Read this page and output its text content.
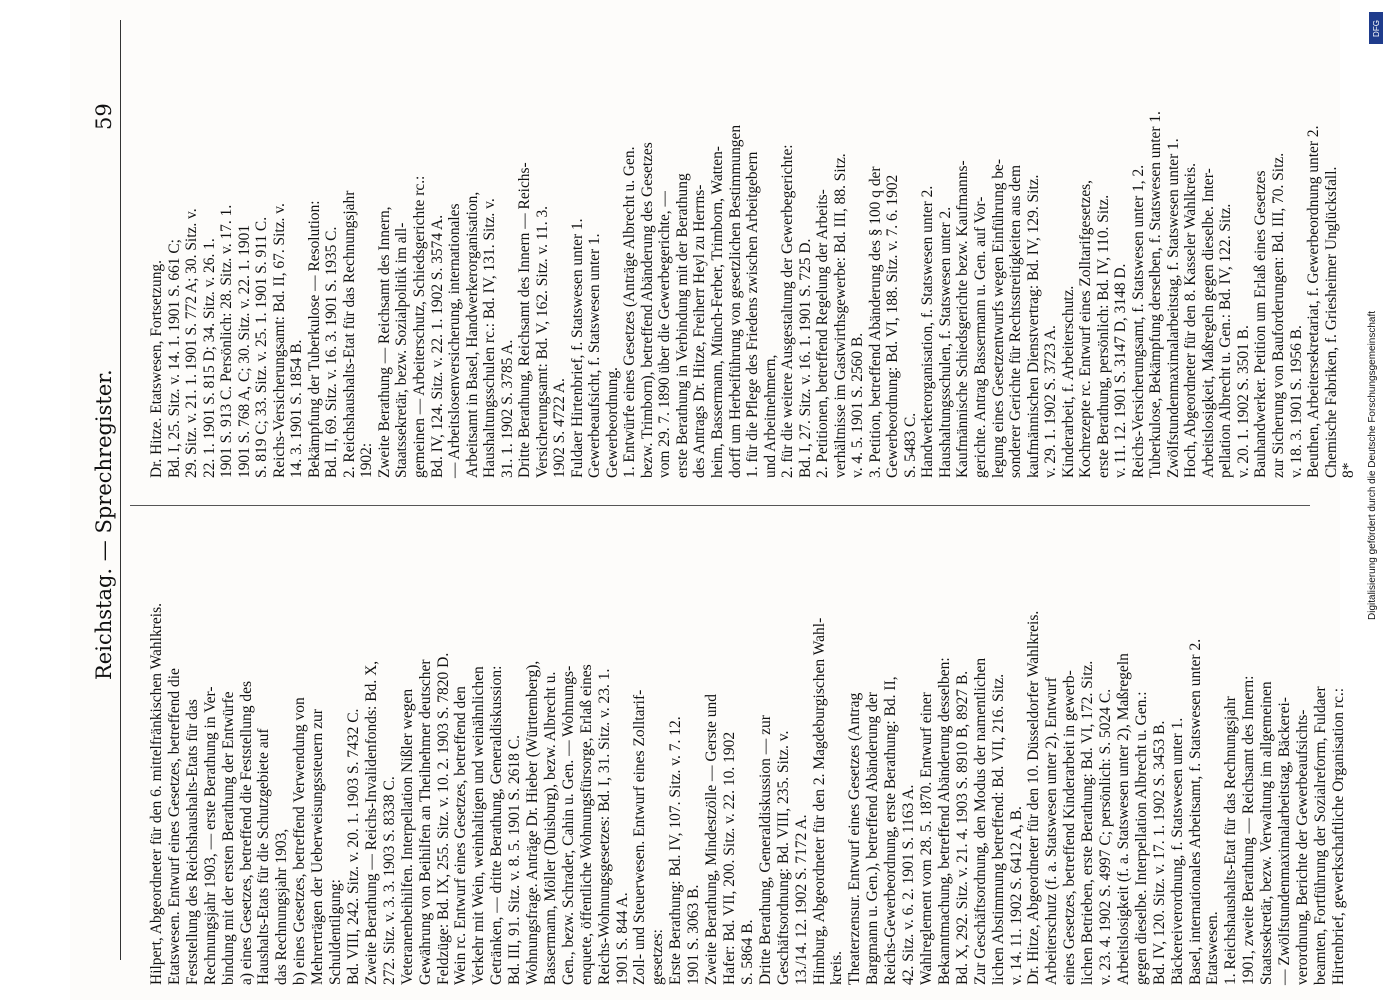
Reichstag. — Sprechregister.
59

Hilpert, Abgeordneter für den 6. mittelfränkischen Wahlkreis. Etatswesen. Entwurf eines Gesetzes, betreffend die Feststellung des Reichshaushalts-Etats für das Rechnungsjahr 1903, — erste Berathung in Ver- bindung mit der ersten Berathung der Entwürfe a) eines Gesetzes, betreffend die Feststellung des Haushalts-Etats für die Schutzgebiete auf das Rechnungsjahr 1903, b) eines Gesetzes, betreffend Verwendung von Mehrerträgen der Ueberweisungssteuern zur Schuldentilgung: Bd. VIII, 242. Sitz. v. 20. 1. 1903 S. 7432 C. Zweite Berathung — Reichs-Invalidenfonds: Bd. X, 272. Sitz. v. 3. 3. 1903 S. 8338 C. Veteranenbeihilfen. Interpellation Nißler wegen Gewährung von Beihilfen an Theilnehmer deutscher Feldzüge: Bd. IX, 255. Sitz. v. 10. 2. 1903 S. 7820 D. Wein rc. Entwurf eines Gesetzes, betreffend den Verkehr mit Wein, weinhaltigen und weinähnlichen Getränken, — dritte Berathung, Generaldiskussion: Bd. III, 91. Sitz. v. 8. 5. 1901 S. 2618 C. Wohnungsfrage. Anträge Dr. Hieber (Württemberg), Bassermann, Möller (Duisburg), bezw. Albrecht u. Gen., bezw. Schrader, Cahin u. Gen. — Wohnungs- enquete, öffentliche Wohnungsfürsorge, Erlaß eines Reichs-Wohnungsgesetzes: Bd. I, 31. Sitz. v. 23. 1. 1901 S. 844 A. Zoll- und Steuerwesen. Entwurf eines Zolltarif- gesetzes: Erste Berathung: Bd. IV, 107. Sitz. v. 7. 12. 1901 S. 3063 B. Zweite Berathung, Mindestzölle — Gerste und Hafer: Bd. VII, 200. Sitz. v. 22. 10. 1902 S. 5864 B. Dritte Berathung, Generaldiskussion — zur Geschäftsordnung: Bd. VIII, 235. Sitz. v. 13./14. 12. 1902 S. 7172 A. Himburg, Abgeordneter für den 2. Magdeburgischen Wahl- kreis. Theaterzensur. Entwurf eines Gesetzes (Antrag Bargmann u. Gen.), betreffend Abänderung der Reichs-Gewerbeordnung, erste Berathung: Bd. II, 42. Sitz. v. 6. 2. 1901 S. 1163 A. Wahlreglement vom 28. 5. 1870. Entwurf einer Bekanntmachung, betreffend Abänderung desselben: Bd. X, 292. Sitz. v. 21. 4. 1903 S. 8910 B, 8927 B. Zur Geschäftsordnung, den Modus der namentlichen lichen Abstimmung betreffend: Bd. VII, 216. Sitz. v. 14. 11. 1902 S. 6412 A, B. Dr. Hitze, Abgeordneter für den 10. Düsseldorfer Wahlkreis. Arbeiterschutz (f. a. Statswesen unter 2). Entwurf eines Gesetzes, betreffend Kinderarbeit in gewerb- lichen Betrieben, erste Berathung: Bd. VI, 172. Sitz. v. 23. 4. 1902 S. 4997 C; persönlich: S. 5024 C. Arbeitslosigkeit (f. a. Statswesen unter 2), Maßregeln gegen dieselbe. Interpellation Albrecht u. Gen.: Bd. IV, 120. Sitz. v. 17. 1. 1902 S. 3453 B. Bäckereiverordnung, f. Statswesen unter 1. Basel, internationales Arbeitsamt, f. Statswesen unter 2. Etatswesen. 1. Reichshaushalts-Etat für das Rechnungsjahr 1901, zweite Berathung — Reichsamt des Innern: Staatssekretär, bezw. Verwaltung im allgemeinen — Zwölfstundenmaximalarbeitstag, Bäckerei- verordnung, Berichte der Gewerbeaufsichts- beamten, Fortführung der Sozialreform, Fuldaer Hirtenbrief, gewerkschaftliche Organisation rc.:

Dr. Hitze. Etatswesen, Fortsetzung. Bd. I, 25. Sitz. v. 14. 1. 1901 S. 661 C; 29. Sitz. v. 21. 1. 1901 S. 772 A; 30. Sitz. v. 22. 1. 1901 S. 815 D; 34. Sitz. v. 26. 1. 1901 S. 913 C. Persönlich: 28. Sitz. v. 17. 1. 1901 S. 768 A, C; 30. Sitz. v. 22. 1. 1901 S. 819 C; 33. Sitz. v. 25. 1. 1901 S. 911 C. Reichs-Versicherungsamt: Bd. II, 67. Sitz. v. 14. 3. 1901 S. 1854 B. Bekämpfung der Tuberkulose — Resolution: Bd. II, 69. Sitz. v. 16. 3. 1901 S. 1935 C. 2. Reichshaushalts-Etat für das Rechnungsjahr 1902: Zweite Berathung — Reichsamt des Innern, Staatssekretär, bezw. Sozialpolitik im all- gemeinen — Arbeiterschutz, Schiedsgerichte rc.: Bd. IV, 124. Sitz. v. 22. 1. 1902 S. 3574 A. — Arbeitslosenversicherung, internationales Arbeitsamt in Basel, Handwerkerorganisation, Haushaltungsschulen rc.: Bd. IV, 131. Sitz. v. 31. 1. 1902 S. 3785 A. Dritte Berathung, Reichsamt des Innern — Reichs- Versicherungsamt: Bd. V, 162. Sitz. v. 11. 3. 1902 S. 4722 A. Fuldaer Hirtenbrief, f. Statswesen unter 1. Gewerbeaufsicht, f. Statswesen unter 1. Gewerbeordnung. 1. Entwürfe eines Gesetzes (Anträge Albrecht u. Gen. bezw. Trimborn), betreffend Abänderung des Gesetzes vom 29. 7. 1890 über die Gewerbegerichte, — erste Berathung in Verbindung mit der Berathung des Antrags Dr. Hitze, Freiherr Heyl zu Herrns- heim, Bassermann, Münch-Ferber, Trimborn, Watten- dorff um Herbeiführung von gesetzlichen Bestimmungen 1. für die Pflege des Friedens zwischen Arbeitgebern und Arbeitnehmern, 2. für die weitere Ausgestaltung der Gewerbegerichte: Bd. I, 27. Sitz. v. 16. 1. 1901 S. 725 D. 2. Petitionen, betreffend Regelung der Arbeits- verhältnisse im Gastwirthsgewerbe: Bd. III, 88. Sitz. v. 4. 5. 1901 S. 2560 B. 3. Petition, betreffend Abänderung des § 100 q der Gewerbeordnung: Bd. VI, 188. Sitz. v. 7. 6. 1902 S. 5483 C. Handwerkerorganisation, f. Statswesen unter 2. Haushaltungsschulen, f. Statswesen unter 2. Kaufmännische Schiedsgerichte bezw. Kaufmanns- gerichte. Antrag Bassermann u. Gen. auf Vor- legung eines Gesetzentwurfs wegen Einführung be- sonderer Gerichte für Rechtsstreitigkeiten aus dem kaufmännischen Dienstvertrag: Bd. IV, 129. Sitz. v. 29. 1. 1902 S. 3723 A. Kinderarbeit, f. Arbeiterschutz. Kochrezepte rc. Entwurf eines Zolltarifgesetzes, erste Berathung, persönlich: Bd. IV, 110. Sitz. v. 11. 12. 1901 S. 3147 D, 3148 D. Reichs-Versicherungsamt, f. Statswesen unter 1, 2. Tuberkulose, Bekämpfung derselben, f. Statswesen unter 1. Zwölfstundenmaximalarbeitstag, f. Statswesen unter 1. Hoch, Abgeordneter für den 8. Kasseler Wahlkreis. Arbeitslosigkeit, Maßregeln gegen dieselbe. Inter- pellation Albrecht u. Gen.: Bd. IV, 122. Sitz. v. 20. 1. 1902 S. 3501 B. Bauhandwerker. Petition um Erlaß eines Gesetzes zur Sicherung von Bauforderungen: Bd. III, 70. Sitz. v. 18. 3. 1901 S. 1956 B. Beuthen, Arbeitersekretariat, f. Gewerbeordnung unter 2. Chemische Fabriken, f. Griesheimer Unglücksfall. 8* Digitalisierung gefördert durch die Deutsche Forschungsgemeinschaft
DFG
